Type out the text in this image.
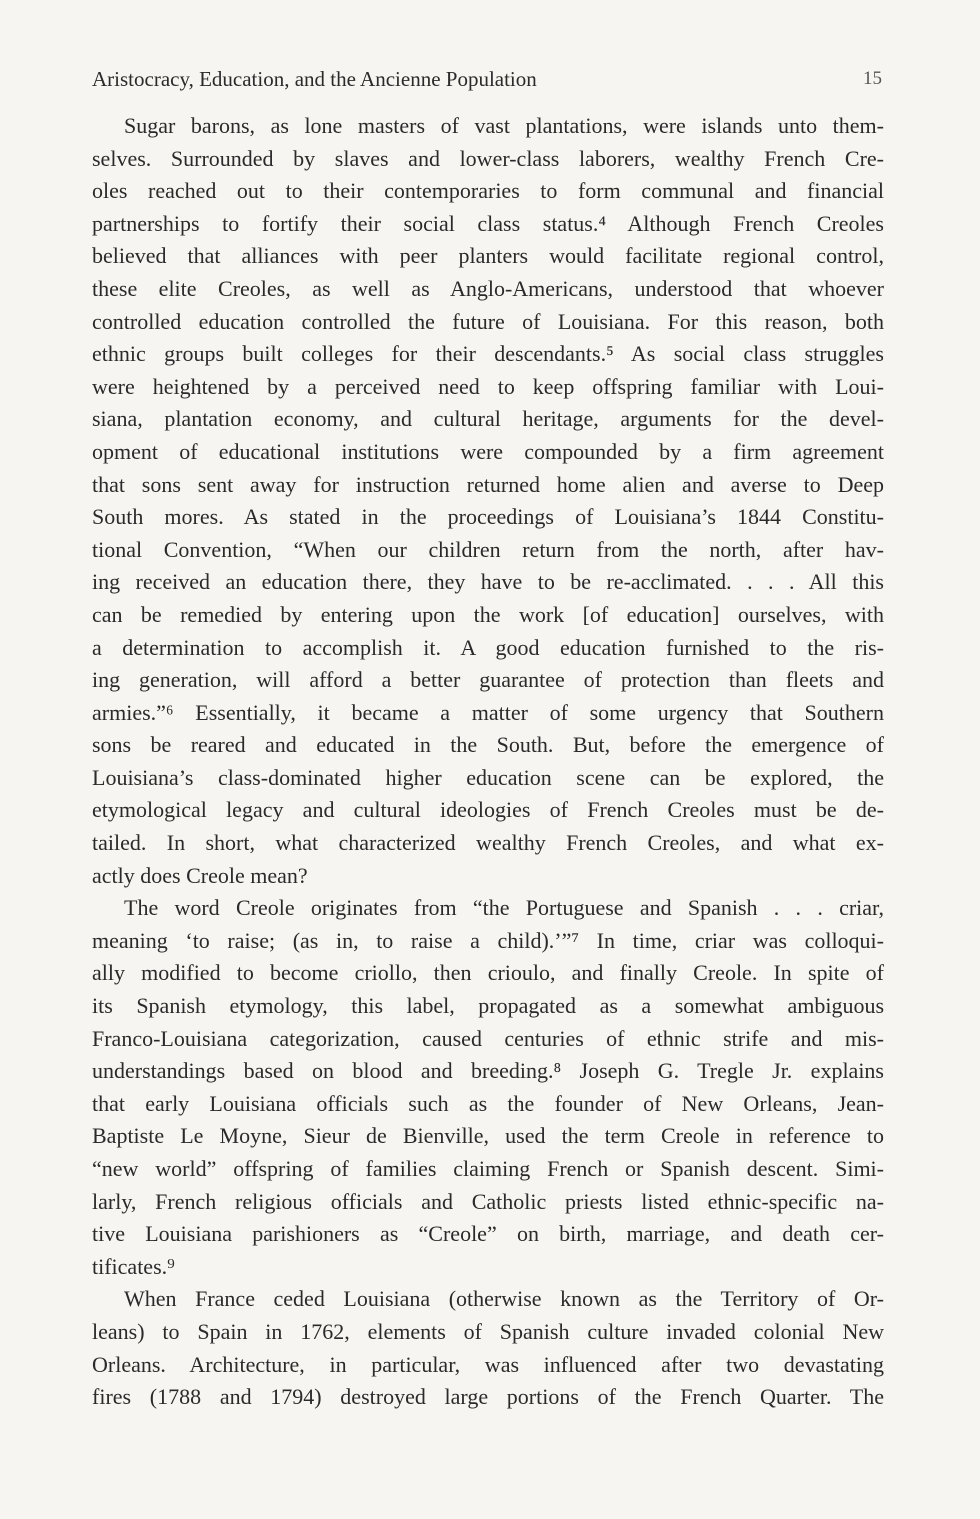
Aristocracy, Education, and the Ancienne Population	15

Sugar barons, as lone masters of vast plantations, were islands unto them-
selves. Surrounded by slaves and lower-class laborers, wealthy French Cre-
oles reached out to their contemporaries to form communal and financial
partnerships to fortify their social class status.⁴ Although French Creoles
believed that alliances with peer planters would facilitate regional control,
these elite Creoles, as well as Anglo-Americans, understood that whoever
controlled education controlled the future of Louisiana. For this reason, both
ethnic groups built colleges for their descendants.⁵ As social class struggles
were heightened by a perceived need to keep offspring familiar with Loui-
siana, plantation economy, and cultural heritage, arguments for the devel-
opment of educational institutions were compounded by a firm agreement
that sons sent away for instruction returned home alien and averse to Deep
South mores. As stated in the proceedings of Louisiana’s 1844 Constitu-
tional Convention, “When our children return from the north, after hav-
ing received an education there, they have to be re-acclimated. . . . All this
can be remedied by entering upon the work [of education] ourselves, with
a determination to accomplish it. A good education furnished to the ris-
ing generation, will afford a better guarantee of protection than fleets and
armies.”⁶ Essentially, it became a matter of some urgency that Southern
sons be reared and educated in the South. But, before the emergence of
Louisiana’s class-dominated higher education scene can be explored, the
etymological legacy and cultural ideologies of French Creoles must be de-
tailed. In short, what characterized wealthy French Creoles, and what ex-
actly does Creole mean?

The word Creole originates from “the Portuguese and Spanish . . . criar,
meaning ‘to raise; (as in, to raise a child).’”⁷ In time, criar was colloqui-
ally modified to become criollo, then crioulo, and finally Creole. In spite of
its Spanish etymology, this label, propagated as a somewhat ambiguous
Franco-Louisiana categorization, caused centuries of ethnic strife and mis-
understandings based on blood and breeding.⁸ Joseph G. Tregle Jr. explains
that early Louisiana officials such as the founder of New Orleans, Jean-
Baptiste Le Moyne, Sieur de Bienville, used the term Creole in reference to
“new world” offspring of families claiming French or Spanish descent. Simi-
larly, French religious officials and Catholic priests listed ethnic-specific na-
tive Louisiana parishioners as “Creole” on birth, marriage, and death cer-
tificates.⁹

When France ceded Louisiana (otherwise known as the Territory of Or-
leans) to Spain in 1762, elements of Spanish culture invaded colonial New
Orleans. Architecture, in particular, was influenced after two devastating
fires (1788 and 1794) destroyed large portions of the French Quarter. The
